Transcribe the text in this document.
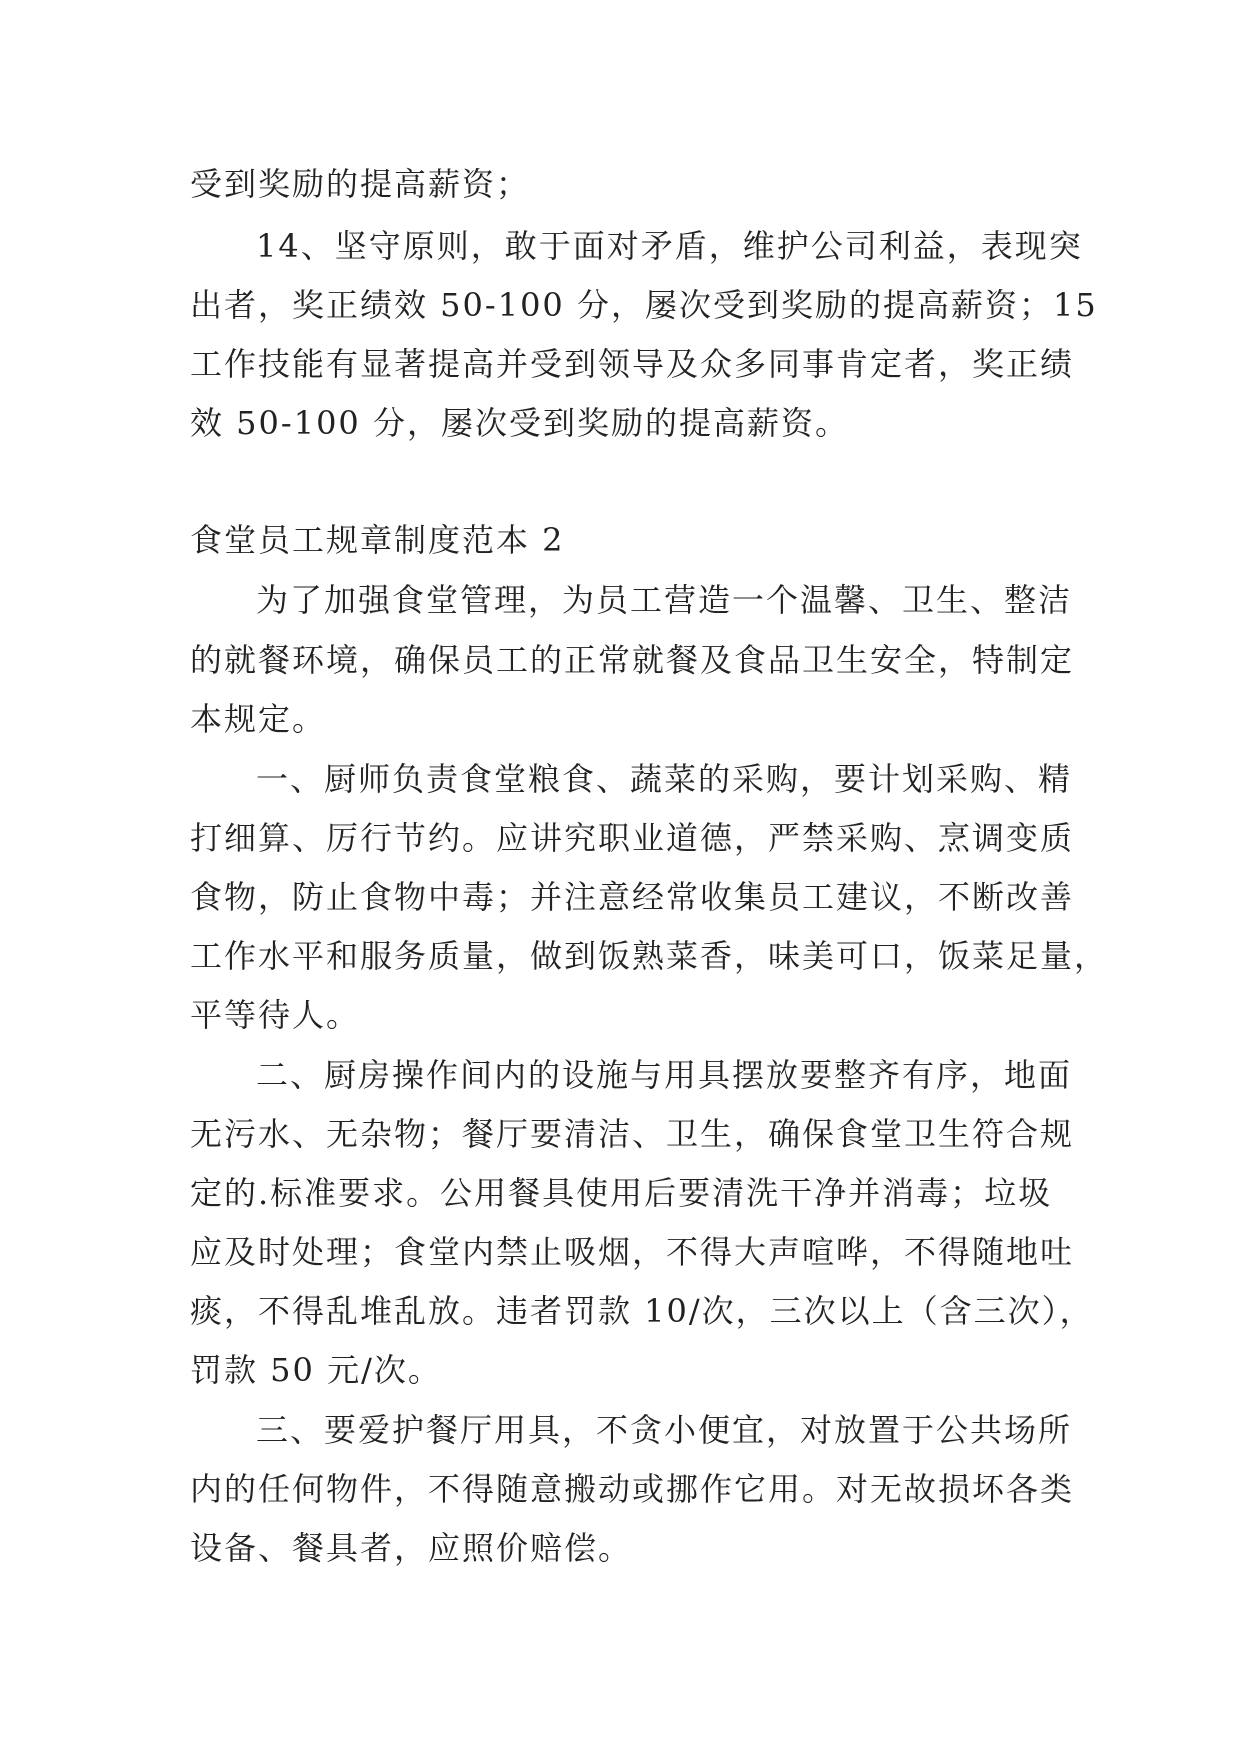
受到奖励的提高薪资；
14、坚守原则，敢于面对矛盾，维护公司利益，表现突
出者，奖正绩效 50-100 分，屡次受到奖励的提高薪资；15
工作技能有显著提高并受到领导及众多同事肯定者，奖正绩
效 50-100 分，屡次受到奖励的提高薪资。
食堂员工规章制度范本 2
为了加强食堂管理，为员工营造一个温馨、卫生、整洁
的就餐环境，确保员工的正常就餐及食品卫生安全，特制定
本规定。
一、厨师负责食堂粮食、蔬菜的采购，要计划采购、精
打细算、厉行节约。应讲究职业道德，严禁采购、烹调变质
食物，防止食物中毒；并注意经常收集员工建议，不断改善
工作水平和服务质量，做到饭熟菜香，味美可口，饭菜足量，
平等待人。
二、厨房操作间内的设施与用具摆放要整齐有序，地面
无污水、无杂物；餐厅要清洁、卫生，确保食堂卫生符合规
定的.标准要求。公用餐具使用后要清洗干净并消毒；垃圾
应及时处理；食堂内禁止吸烟，不得大声喧哗，不得随地吐
痰，不得乱堆乱放。违者罚款 10/次，三次以上（含三次），
罚款 50 元/次。
三、要爱护餐厅用具，不贪小便宜，对放置于公共场所
内的任何物件，不得随意搬动或挪作它用。对无故损坏各类
设备、餐具者，应照价赔偿。
